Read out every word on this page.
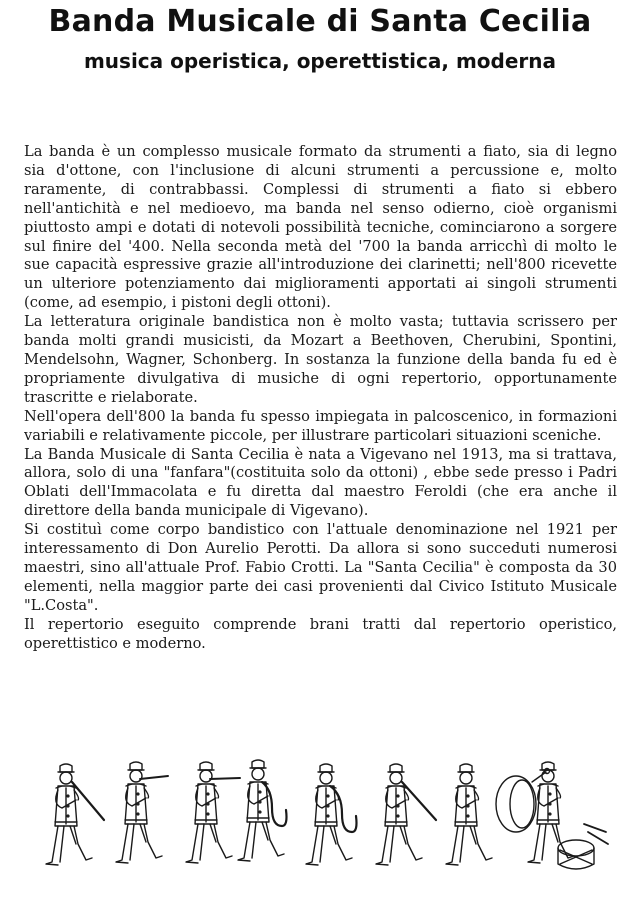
Banda Musicale di Santa Cecilia
musica operistica, operettistica, moderna
La banda è un complesso musicale formato da strumenti a fiato, sia di legno
sia d'ottone, con l'inclusione di alcuni strumenti a percussione e, molto
raramente, di contrabbassi. Complessi di strumenti a fiato si ebbero
nell'antichità e nel medioevo, ma banda nel senso odierno, cioè organismi
piuttosto ampi e dotati di notevoli possibilità tecniche, cominciarono a sorgere
sul finire del '400. Nella seconda metà del '700 la banda arricchì di molto le
sue capacità espressive grazie all'introduzione dei clarinetti; nell'800 ricevette
un ulteriore potenziamento dai miglioramenti apportati ai singoli strumenti
(come, ad esempio, i pistoni degli ottoni).
La letteratura originale bandistica non è molto vasta; tuttavia scrissero per
banda molti grandi musicisti, da Mozart a Beethoven, Cherubini, Spontini,
Mendelsohn, Wagner, Schonberg. In sostanza la funzione della banda fu ed è
propriamente divulgativa di musiche di ogni repertorio, opportunamente
trascritte e rielaborate.
Nell'opera dell'800 la banda fu spesso impiegata in palcoscenico, in formazioni
variabili e relativamente piccole, per illustrare particolari situazioni sceniche.
La Banda Musicale di Santa Cecilia è nata a Vigevano nel 1913, ma si trattava,
allora, solo di una "fanfara"(costituita solo da ottoni) , ebbe sede presso i Padri
Oblati dell'Immacolata e fu diretta dal maestro Feroldi (che era anche il
direttore della banda municipale di Vigevano).
Si costituì come corpo bandistico con l'attuale denominazione nel 1921 per
interessamento di Don Aurelio Perotti. Da allora si sono succeduti numerosi
maestri, sino all'attuale Prof. Fabio Crotti. La "Santa Cecilia" è composta da 30
elementi, nella maggior parte dei casi provenienti dal Civico Istituto Musicale
"L.Costa".
Il repertorio eseguito comprende brani tratti dal repertorio operistico,
operettistico e moderno.
